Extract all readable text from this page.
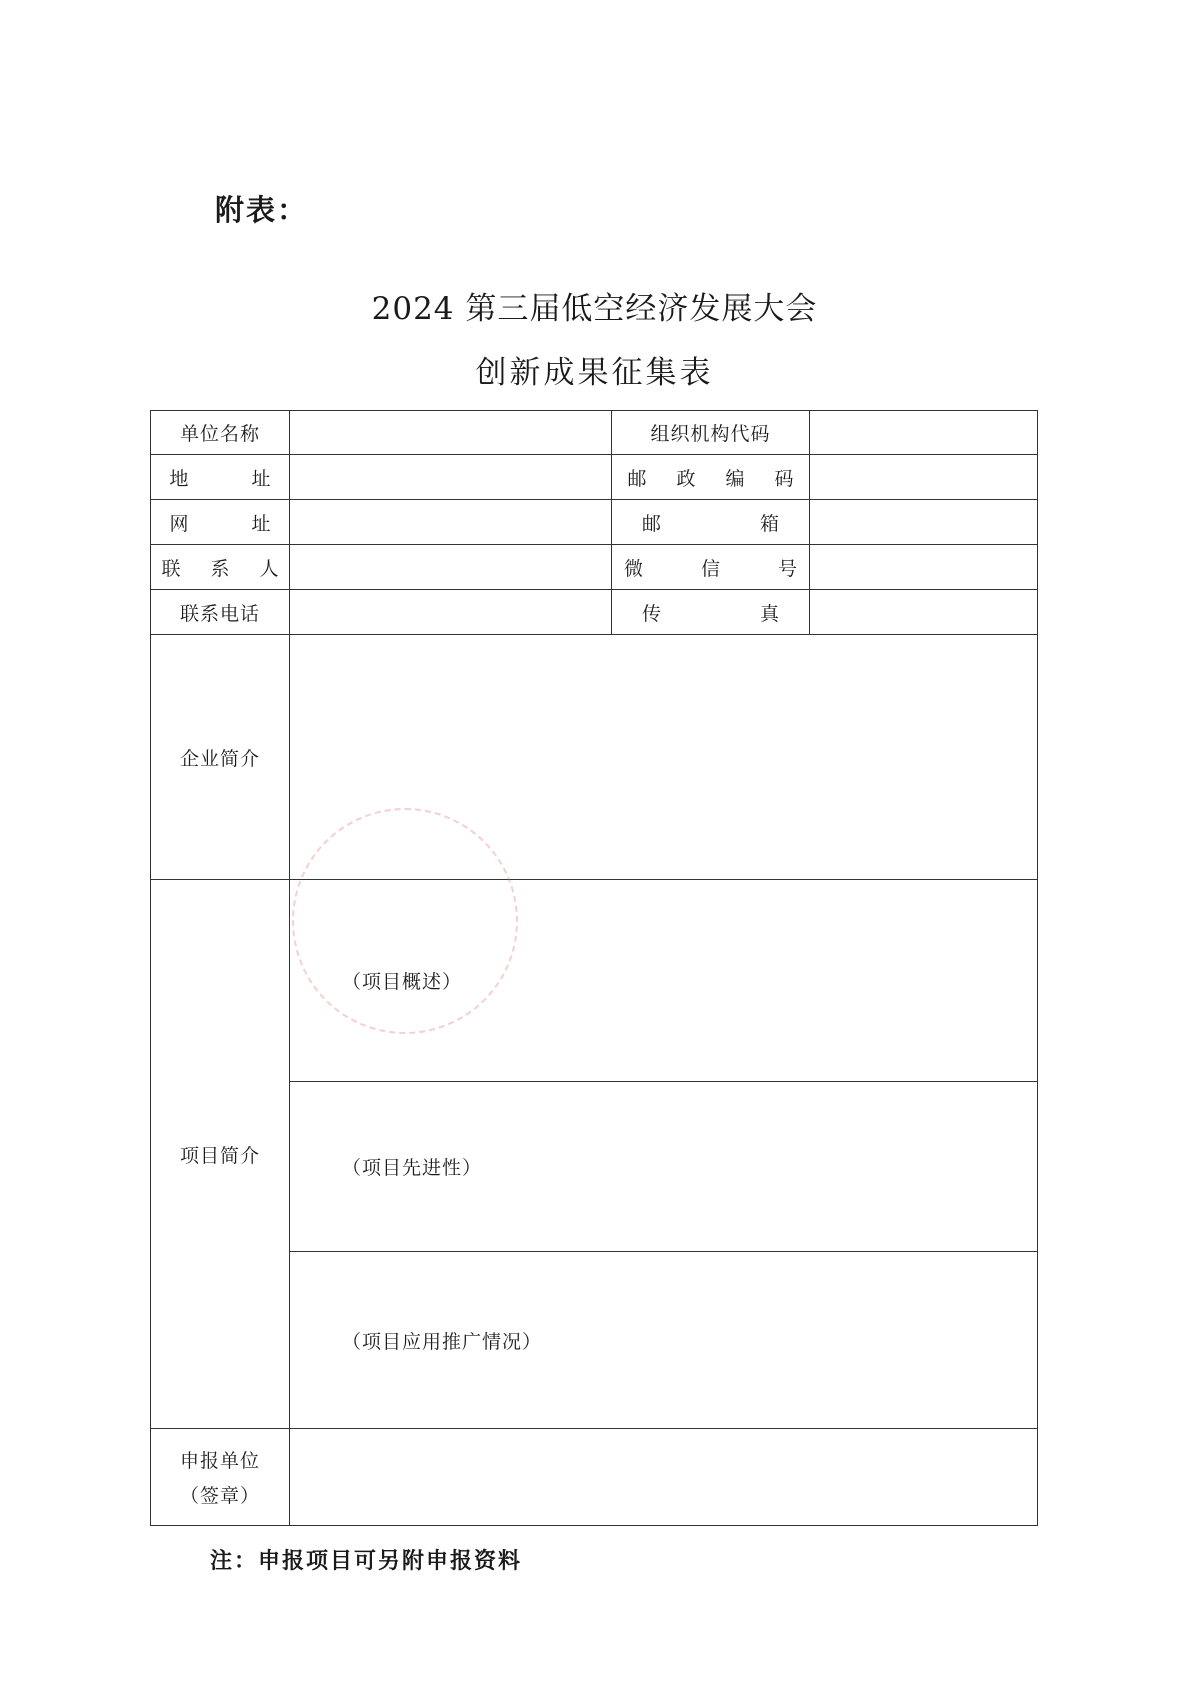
附表：
2024 第三届低空经济发展大会
创新成果征集表
单位名称		组织机构代码	
地　址		邮 政 编 码	
网　址		邮　箱	
联 系 人		微 信 号	
联系电话		传　真	
企业简介			
项目简介	（项目概述）		
	（项目先进性）		
	（项目应用推广情况）		
申报单位
（签章）			
注：申报项目可另附申报资料
